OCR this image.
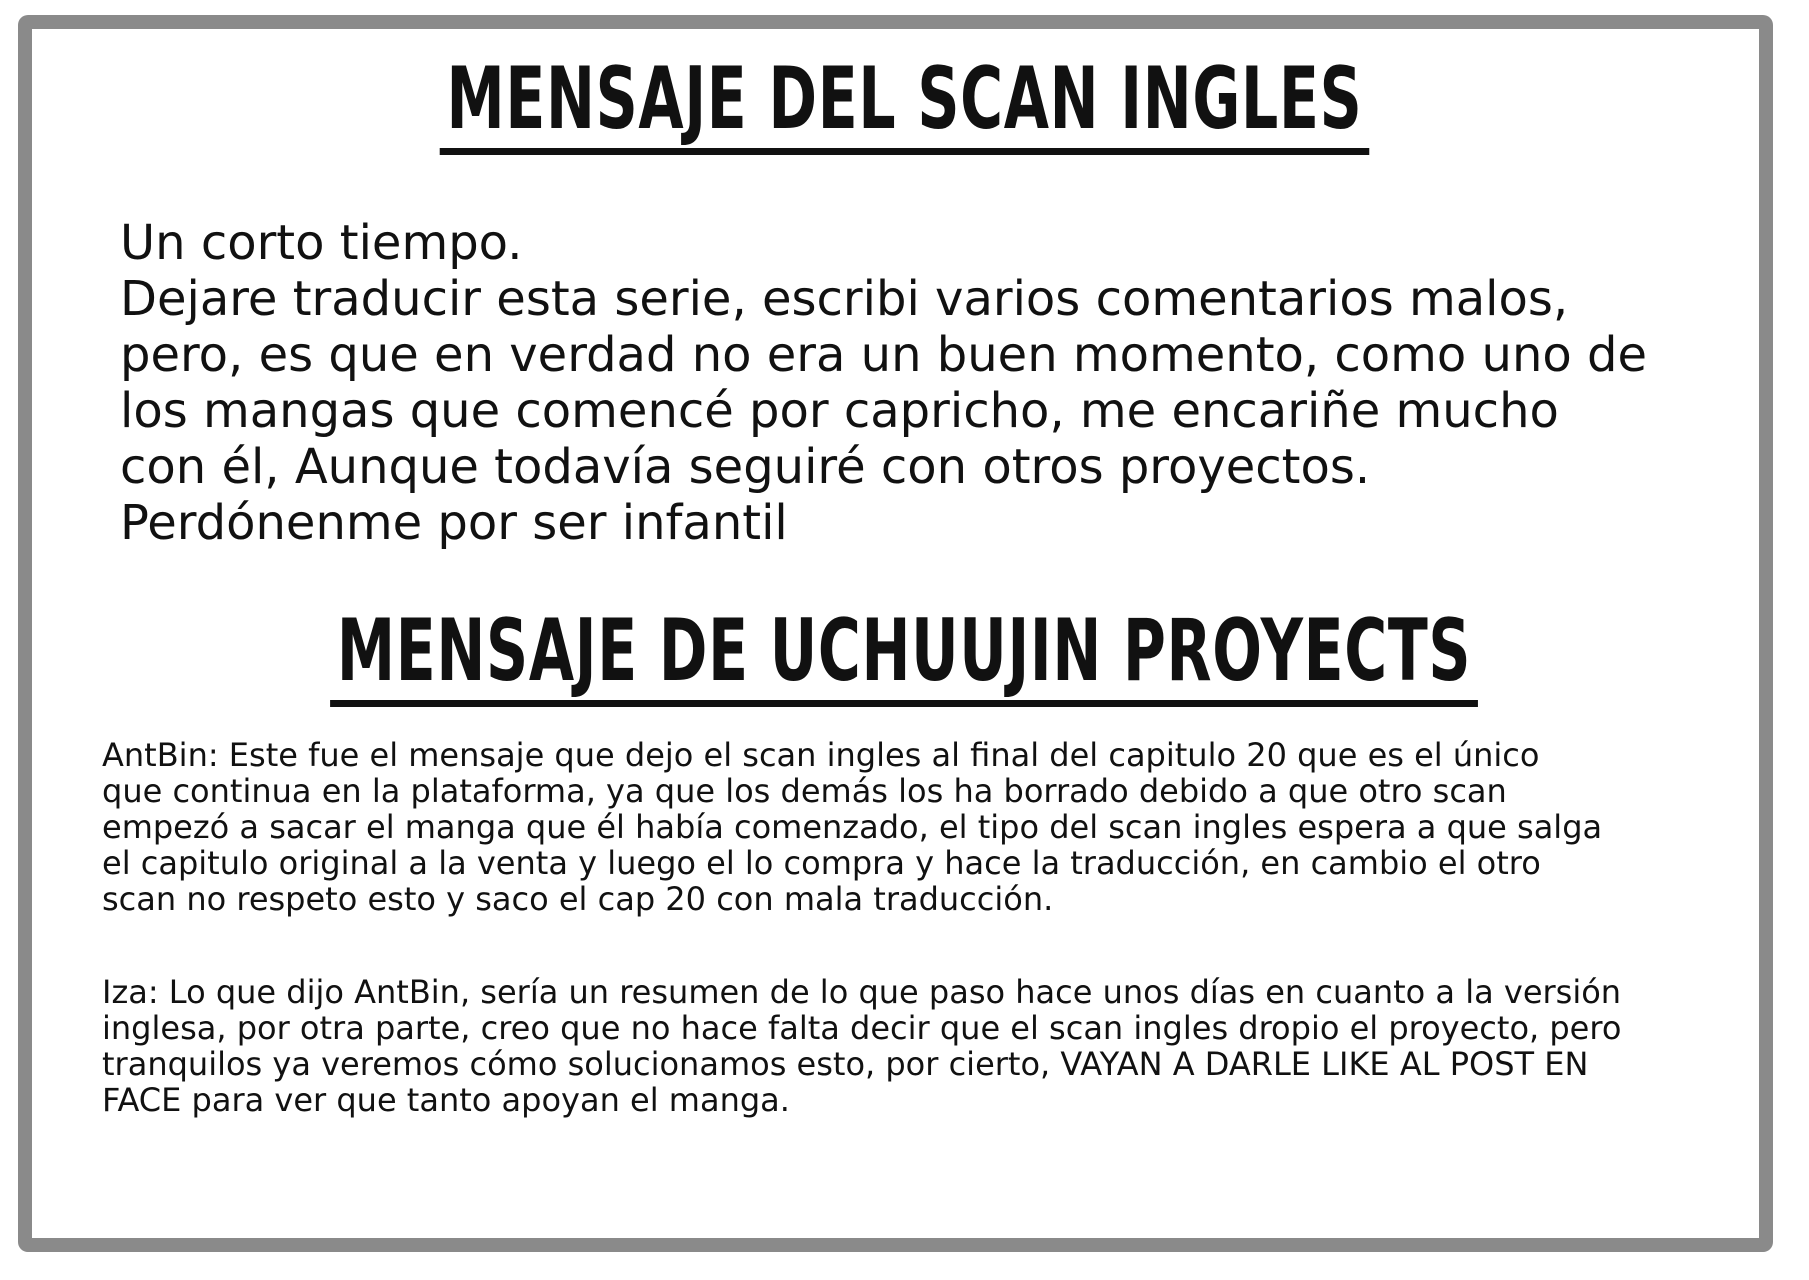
MENSAJE DEL SCAN INGLES
Un corto tiempo.
Dejare traducir esta serie, escribi varios comentarios malos,
pero, es que en verdad no era un buen momento, como uno de
los mangas que comencé por capricho, me encariñe mucho
con él, Aunque todavía seguiré con otros proyectos.
Perdónenme por ser infantil
MENSAJE DE UCHUUJIN PROYECTS
AntBin: Este fue el mensaje que dejo el scan ingles al final del capitulo 20 que es el único
que continua en la plataforma, ya que los demás los ha borrado debido a que otro scan
empezó a sacar el manga que él había comenzado, el tipo del scan ingles espera a que salga
el capitulo original a la venta y luego el lo compra y hace la traducción, en cambio el otro
scan no respeto esto y saco el cap 20 con mala traducción.
Iza: Lo que dijo AntBin, sería un resumen de lo que paso hace unos días en cuanto a la versión
inglesa, por otra parte, creo que no hace falta decir que el scan ingles dropio el proyecto, pero
tranquilos ya veremos cómo solucionamos esto, por cierto, VAYAN A DARLE LIKE AL POST EN
FACE para ver que tanto apoyan el manga.
